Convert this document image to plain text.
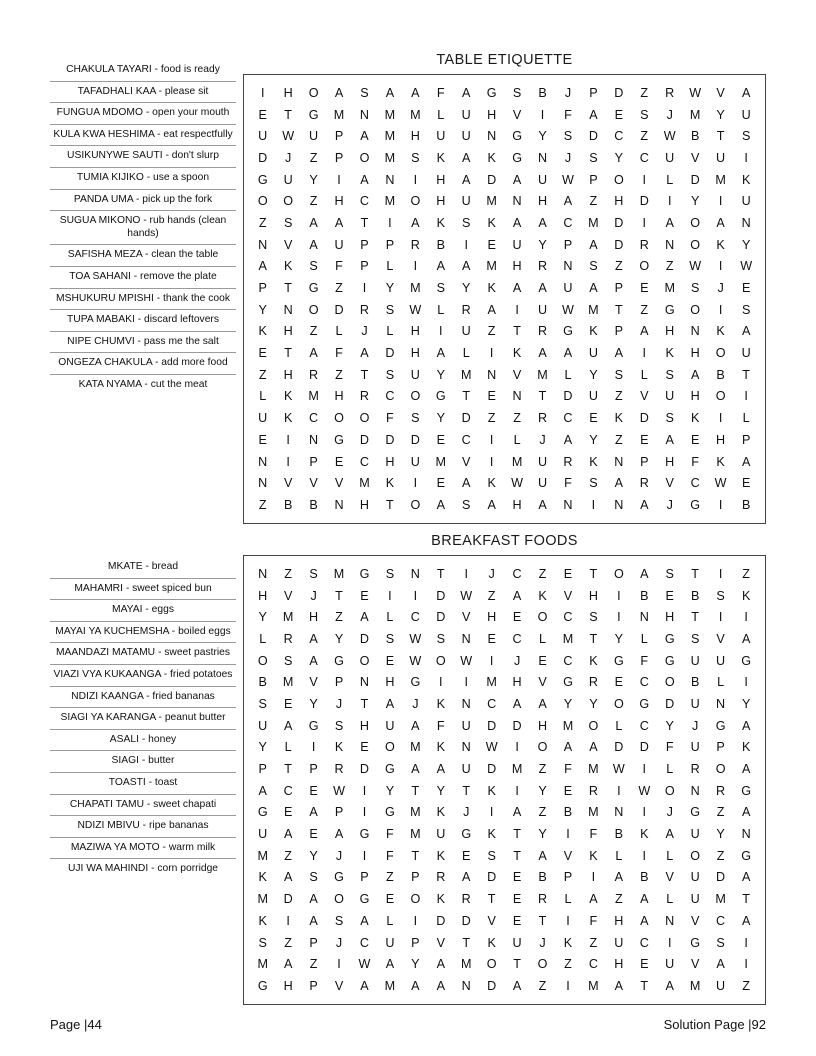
CHAKULA TAYARI - food is ready
TAFADHALI KAA - please sit
FUNGUA MDOMO - open your mouth
KULA KWA HESHIMA - eat respectfully
USIKUNYWE SAUTI - don't slurp
TUMIA KIJIKO - use a spoon
PANDA UMA - pick up the fork
SUGUA MIKONO - rub hands (clean hands)
SAFISHA MEZA - clean the table
TOA SAHANI - remove the plate
MSHUKURU MPISHI - thank the cook
TUPA MABAKI - discard leftovers
NIPE CHUMVI - pass me the salt
ONGEZA CHAKULA - add more food
KATA NYAMA - cut the meat
TABLE ETIQUETTE
I	H	O	A	S	A	A	F	A	G	S	B	J	P	D	Z	R	W	V	A
E	T	G	M	N	M	M	L	U	H	V	I	F	A	E	S	J	M	Y	U
U	W	U	P	A	M	H	U	U	N	G	Y	S	D	C	Z	W	B	T	S
D	J	Z	P	O	M	S	K	A	K	G	N	J	S	Y	C	U	V	U	I
G	U	Y	I	A	N	I	H	A	D	A	U	W	P	O	I	L	D	M	K
O	O	Z	H	C	M	O	H	U	M	N	H	A	Z	H	D	I	Y	I	U
Z	S	A	A	T	I	A	K	S	K	A	A	C	M	D	I	A	O	A	N
N	V	A	U	P	P	R	B	I	E	U	Y	P	A	D	R	N	O	K	Y
A	K	S	F	P	L	I	A	A	M	H	R	N	S	Z	O	Z	W	I	W
P	T	G	Z	I	Y	M	S	Y	K	A	A	U	A	P	E	M	S	J	E
Y	N	O	D	R	S	W	L	R	A	I	U	W	M	T	Z	G	O	I	S
K	H	Z	L	J	L	H	I	U	Z	T	R	G	K	P	A	H	N	K	A
E	T	A	F	A	D	H	A	L	I	K	A	A	U	A	I	K	H	O	U
Z	H	R	Z	T	S	U	Y	M	N	V	M	L	Y	S	L	S	A	B	T
L	K	M	H	R	C	O	G	T	E	N	T	D	U	Z	V	U	H	O	I
U	K	C	O	O	F	S	Y	D	Z	Z	R	C	E	K	D	S	K	I	L
E	I	N	G	D	D	D	E	C	I	L	J	A	Y	Z	E	A	E	H	P
N	I	P	E	C	H	U	M	V	I	M	U	R	K	N	P	H	F	K	A
N	V	V	V	M	K	I	E	A	K	W	U	F	S	A	R	V	C	W	E
Z	B	B	N	H	T	O	A	S	A	H	A	N	I	N	A	J	G	I	B
MKATE - bread
MAHAMRI - sweet spiced bun
MAYAI - eggs
MAYAI YA KUCHEMSHA - boiled eggs
MAANDAZI MATAMU - sweet pastries
VIAZI VYA KUKAANGA - fried potatoes
NDIZI KAANGA - fried bananas
SIAGI YA KARANGA - peanut butter
ASALI - honey
SIAGI - butter
TOASTI - toast
CHAPATI TAMU - sweet chapati
NDIZI MBIVU - ripe bananas
MAZIWA YA MOTO - warm milk
UJI WA MAHINDI - corn porridge
BREAKFAST FOODS
N	Z	S	M	G	S	N	T	I	J	C	Z	E	T	O	A	S	T	I	Z
H	V	J	T	E	I	I	D	W	Z	A	K	V	H	I	B	E	B	S	K
Y	M	H	Z	A	L	C	D	V	H	E	O	C	S	I	N	H	T	I	I
L	R	A	Y	D	S	W	S	N	E	C	L	M	T	Y	L	G	S	V	A
O	S	A	G	O	E	W	O	W	I	J	E	C	K	G	F	G	U	U	G
B	M	V	P	N	H	G	I	I	M	H	V	G	R	E	C	O	B	L	I
S	E	Y	J	T	A	J	K	N	C	A	A	Y	Y	O	G	D	U	N	Y
U	A	G	S	H	U	A	F	U	D	D	H	M	O	L	C	Y	J	G	A
Y	L	I	K	E	O	M	K	N	W	I	O	A	A	D	D	F	U	P	K
P	T	P	R	D	G	A	A	U	D	M	Z	F	M	W	I	L	R	O	A
A	C	E	W	I	Y	T	Y	T	K	I	Y	E	R	I	W	O	N	R	G
G	E	A	P	I	G	M	K	J	I	A	Z	B	M	N	I	J	G	Z	A
U	A	E	A	G	F	M	U	G	K	T	Y	I	F	B	K	A	U	Y	N
M	Z	Y	J	I	F	T	K	E	S	T	A	V	K	L	I	L	O	Z	G
K	A	S	G	P	Z	P	R	A	D	E	B	P	I	A	B	V	U	D	A
M	D	A	O	G	E	O	K	R	T	E	R	L	A	Z	A	L	U	M	T
K	I	A	S	A	L	I	D	D	V	E	T	I	F	H	A	N	V	C	A
S	Z	P	J	C	U	P	V	T	K	U	J	K	Z	U	C	I	G	S	I
M	A	Z	I	W	A	Y	A	M	O	T	O	Z	C	H	E	U	V	A	I
G	H	P	V	A	M	A	A	N	D	A	Z	I	M	A	T	A	M	U	Z
Page |44	Solution Page |92
